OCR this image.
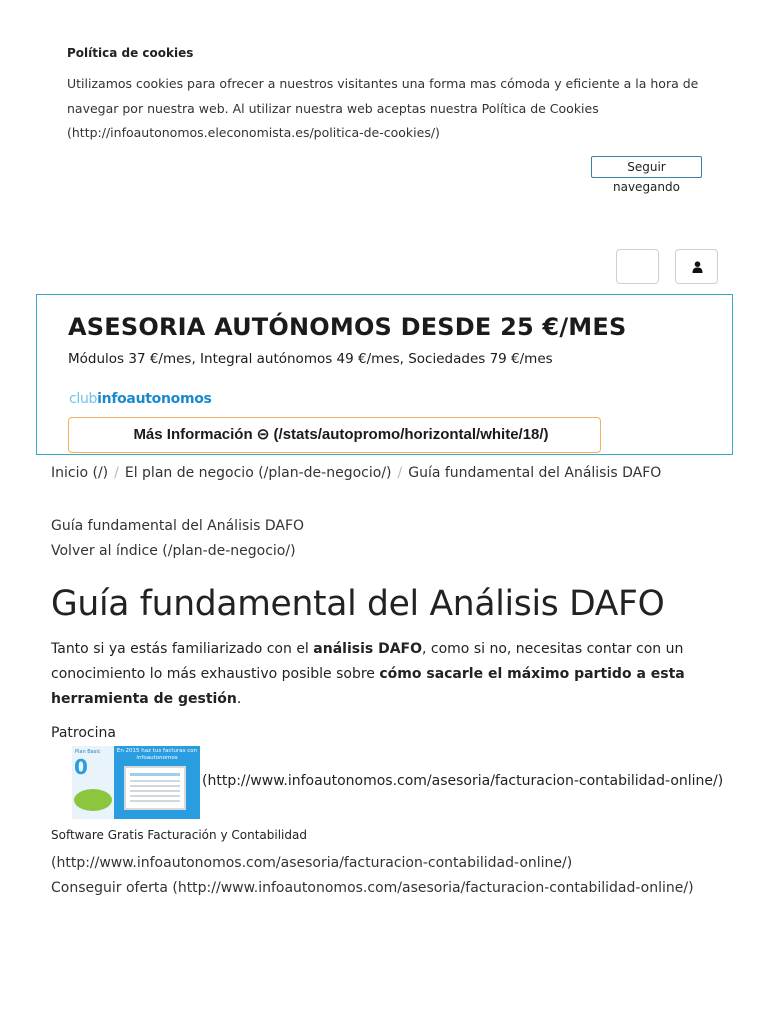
Política de cookies
Utilizamos cookies para ofrecer a nuestros visitantes una forma mas cómoda y eficiente a la hora de navegar por nuestra web. Al utilizar nuestra web aceptas nuestra Política de Cookies (http://infoautonomos.eleconomista.es/politica-de-cookies/)
Seguir navegando
ASESORIA AUTÓNOMOS DESDE 25 €/MES
Módulos 37 €/mes, Integral autónomos 49 €/mes, Sociedades 79 €/mes
clubinfoautonomos
Más Información ⊝ (/stats/autopromo/horizontal/white/18/)
Inicio (/) / El plan de negocio (/plan-de-negocio/) / Guía fundamental del Análisis DAFO
Guía fundamental del Análisis DAFO
Volver al índice (/plan-de-negocio/)
Guía fundamental del Análisis DAFO

Tanto si ya estás familiarizado con el análisis DAFO, como si no, necesitas contar con un conocimiento lo más exhaustivo posible sobre cómo sacarle el máximo partido a esta herramienta de gestión.

Patrocina
Plan Basic
0
En 2015 haz tus facturas con infoautonomos
(http://www.infoautonomos.com/asesoria/facturacion-contabilidad-online/)
Software Gratis Facturación y Contabilidad
(http://www.infoautonomos.com/asesoria/facturacion-contabilidad-online/)
Conseguir oferta (http://www.infoautonomos.com/asesoria/facturacion-contabilidad-online/)
